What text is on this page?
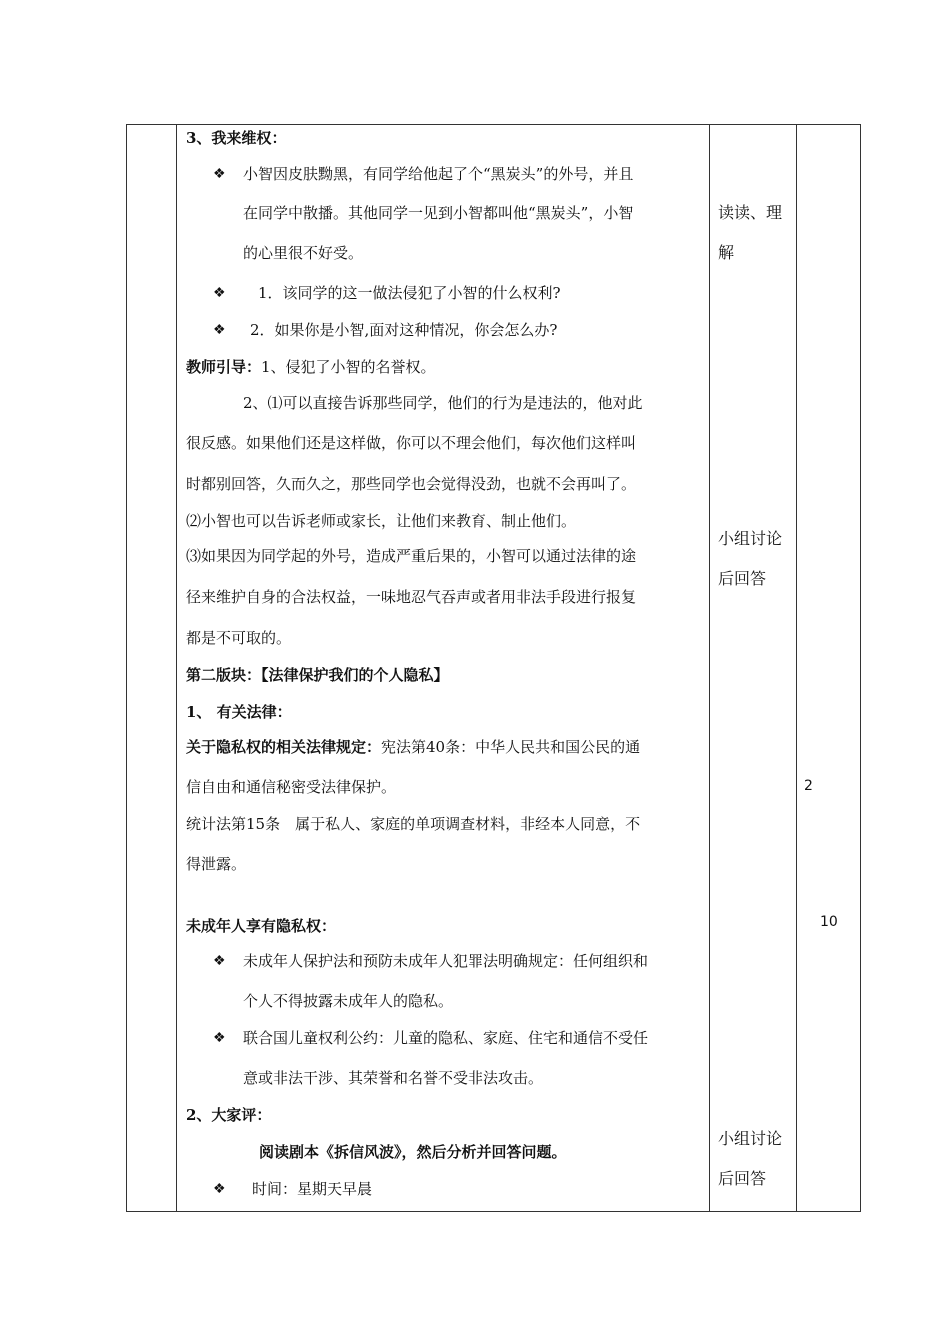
3、我来维权：
❖ 小智因皮肤黝黑，有同学给他起了个“黑炭头”的外号，并且
在同学中散播。其他同学一见到小智都叫他“黑炭头”，小智
的心里很不好受。
❖ 1．该同学的这一做法侵犯了小智的什么权利?
❖ 2．如果你是小智,面对这种情况，你会怎么办?
教师引导：1、侵犯了小智的名誉权。
2、⑴可以直接告诉那些同学，他们的行为是违法的，他对此
很反感。如果他们还是这样做，你可以不理会他们，每次他们这样叫
时都别回答，久而久之，那些同学也会觉得没劲，也就不会再叫了。
⑵小智也可以告诉老师或家长，让他们来教育、制止他们。
⑶如果因为同学起的外号，造成严重后果的，小智可以通过法律的途
径来维护自身的合法权益，一味地忍气吞声或者用非法手段进行报复
都是不可取的。
第二版块：【法律保护我们的个人隐私】
1、 有关法律：
关于隐私权的相关法律规定：宪法第40条：中华人民共和国公民的通
信自由和通信秘密受法律保护。
统计法第15条　属于私人、家庭的单项调查材料，非经本人同意，不
得泄露。
未成年人享有隐私权：
❖ 未成年人保护法和预防未成年人犯罪法明确规定：任何组织和
个人不得披露未成年人的隐私。
❖ 联合国儿童权利公约：儿童的隐私、家庭、住宅和通信不受任
意或非法干涉、其荣誉和名誉不受非法攻击。
2、大家评：
阅读剧本《拆信风波》，然后分析并回答问题。
❖ 时间：星期天早晨
读读、理
解
小组讨论
后回答
小组讨论
后回答
2
10
